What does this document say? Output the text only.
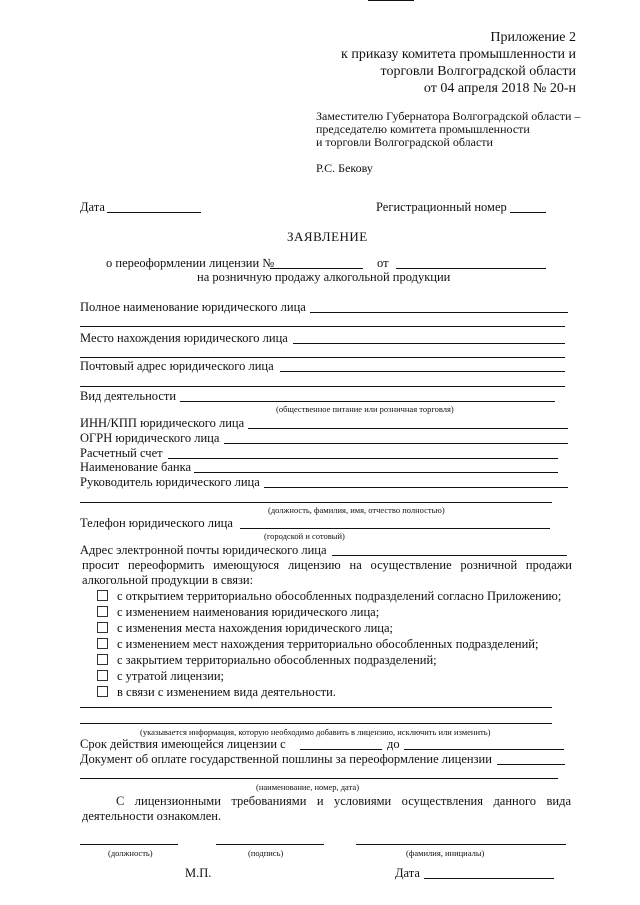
Приложение 2
к приказу комитета промышленности и
торговли Волгоградской области
от 04 апреля 2018 № 20-н
Заместителю Губернатора Волгоградской области –
председателю комитета промышленности
и торговли Волгоградской области
Р.С. Бекову
Дата	Регистрационный номер
ЗАЯВЛЕНИЕ
о переоформлении лицензии №	от
на розничную продажу алкогольной продукции
Полное наименование юридического лица
Место нахождения юридического лица
Почтовый адрес юридического лица
Вид деятельности
(общественное питание или розничная торговля)
ИНН/КПП юридического лица
ОГРН юридического лица
Расчетный счет
Наименование банка
Руководитель юридического лица
(должность, фамилия, имя, отчество полностью)
Телефон юридического лица
(городской и сотовый)
Адрес электронной почты юридического лица
просит переоформить имеющуюся лицензию на осуществление розничной продажи
алкогольной продукции в связи:
с открытием территориально обособленных подразделений согласно Приложению;
с изменением наименования юридического лица;
с изменения места нахождения юридического лица;
с изменением мест нахождения территориально обособленных подразделений;
с закрытием территориально обособленных подразделений;
с утратой лицензии;
в связи с изменением вида деятельности.
(указывается информация, которую необходимо добавить в лицензию, исключить или изменить)
Срок действия имеющейся лицензии с	до
Документ об оплате государственной пошлины за переоформление лицензии
(наименование, номер, дата)
С лицензионными требованиями и условиями осуществления данного вида
деятельности ознакомлен.
(должность)	(подпись)	(фамилия, инициалы)
М.П.	Дата
